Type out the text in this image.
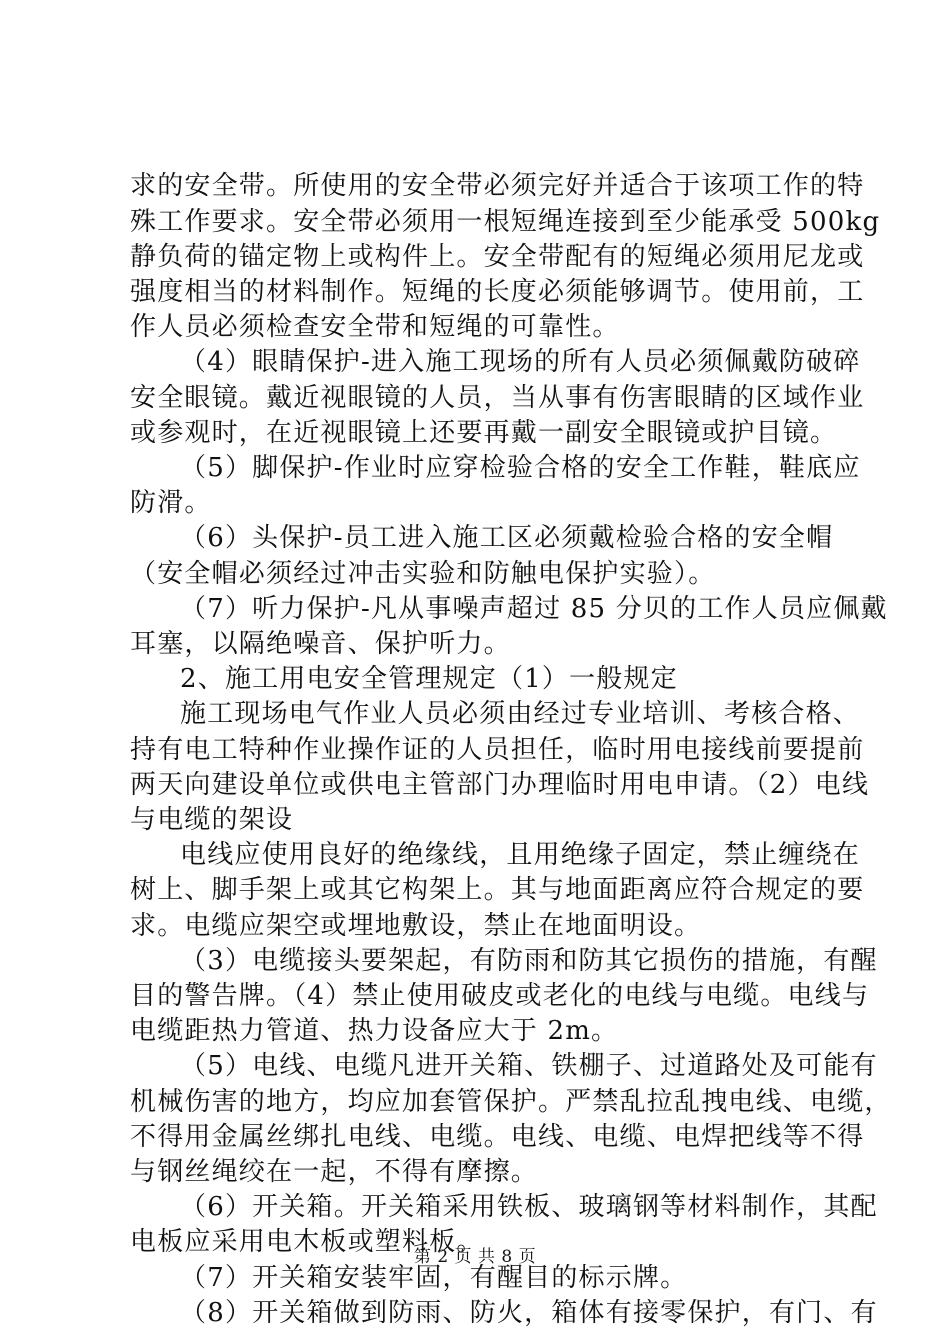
求的安全带。所使用的安全带必须完好并适合于该项工作的特
殊工作要求。安全带必须用一根短绳连接到至少能承受 500kg
静负荷的锚定物上或构件上。安全带配有的短绳必须用尼龙或
强度相当的材料制作。短绳的长度必须能够调节。使用前，工
作人员必须检查安全带和短绳的可靠性。
（4）眼睛保护-进入施工现场的所有人员必须佩戴防破碎
安全眼镜。戴近视眼镜的人员，当从事有伤害眼睛的区域作业
或参观时，在近视眼镜上还要再戴一副安全眼镜或护目镜。
（5）脚保护-作业时应穿检验合格的安全工作鞋，鞋底应
防滑。
（6）头保护-员工进入施工区必须戴检验合格的安全帽
（安全帽必须经过冲击实验和防触电保护实验）。
（7）听力保护-凡从事噪声超过 85 分贝的工作人员应佩戴
耳塞，以隔绝噪音、保护听力。
2、施工用电安全管理规定（1）一般规定
施工现场电气作业人员必须由经过专业培训、考核合格、
持有电工特种作业操作证的人员担任，临时用电接线前要提前
两天向建设单位或供电主管部门办理临时用电申请。（2）电线
与电缆的架设
电线应使用良好的绝缘线，且用绝缘子固定，禁止缠绕在
树上、脚手架上或其它构架上。其与地面距离应符合规定的要
求。电缆应架空或埋地敷设，禁止在地面明设。
（3）电缆接头要架起，有防雨和防其它损伤的措施，有醒
目的警告牌。（4）禁止使用破皮或老化的电线与电缆。电线与
电缆距热力管道、热力设备应大于 2m。
（5）电线、电缆凡进开关箱、铁棚子、过道路处及可能有
机械伤害的地方，均应加套管保护。严禁乱拉乱拽电线、电缆，
不得用金属丝绑扎电线、电缆。电线、电缆、电焊把线等不得
与钢丝绳绞在一起，不得有摩擦。
（6）开关箱。开关箱采用铁板、玻璃钢等材料制作，其配
电板应采用电木板或塑料板。
（7）开关箱安装牢固，有醒目的标示牌。
（8）开关箱做到防雨、防火，箱体有接零保护，有门、有
第 2 页 共 8 页
